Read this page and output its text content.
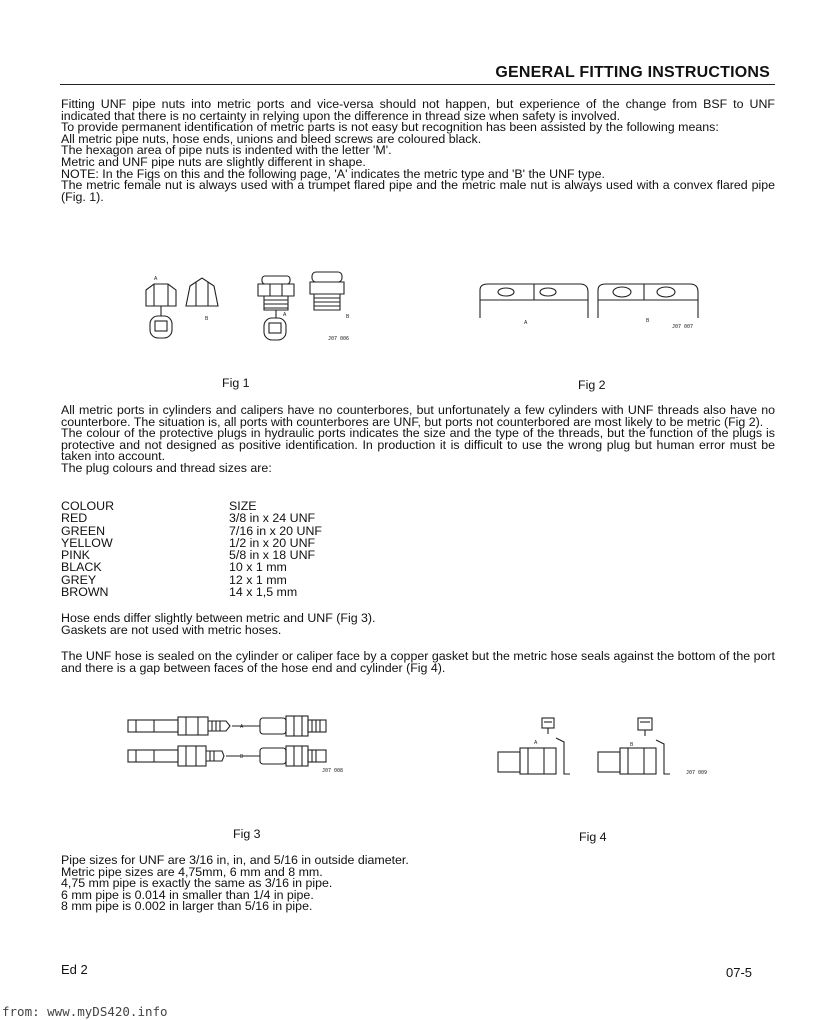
GENERAL FITTING INSTRUCTIONS

Fitting UNF pipe nuts into metric ports and vice-versa should not happen, but experience of the change from BSF to UNF indicated that there is no certainty in relying upon the difference in thread size when safety is involved.

To provide permanent identification of metric parts is not easy but recognition has been assisted by the following means:

All metric pipe nuts, hose ends, unions and bleed screws are coloured black.

The hexagon area of pipe nuts is indented with the letter 'M'.

Metric and UNF pipe nuts are slightly different in shape.

NOTE: In the Figs on this and the following page, 'A' indicates the metric type and 'B' the UNF type.

The metric female nut is always used with a trumpet flared pipe and the metric male nut is always used with a convex flared pipe (Fig. 1).

A
B
A	B
J07 006
A	B
J07 007
Fig 1	Fig 2

All metric ports in cylinders and calipers have no counterbores, but unfortunately a few cylinders with UNF threads also have no counterbore. The situation is, all ports with counterbores are UNF, but ports not counterbored are most likely to be metric (Fig 2).

The colour of the protective plugs in hydraulic ports indicates the size and the type of the threads, but the function of the plugs is protective and not designed as positive identification. In production it is difficult to use the wrong plug but human error must be taken into account.

The plug colours and thread sizes are:

COLOUR	SIZE
RED	3/8 in x 24 UNF
GREEN	7/16 in x 20 UNF
YELLOW	1/2 in x 20 UNF
PINK	5/8 in x 18 UNF
BLACK	10 x 1 mm
GREY	12 x 1 mm
BROWN	14 x 1,5 mm

Hose ends differ slightly between metric and UNF (Fig 3).

Gaskets are not used with metric hoses.

The UNF hose is sealed on the cylinder or caliper face by a copper gasket but the metric hose seals against the bottom of the port and there is a gap between faces of the hose end and cylinder (Fig 4).
A
B
J07 008
A	B
J07 009
Fig 3	Fig 4

Pipe sizes for UNF are 3/16 in, in, and 5/16 in outside diameter.

Metric pipe sizes are 4,75mm, 6 mm and 8 mm.

4,75 mm pipe is exactly the same as 3/16 in pipe.

6 mm pipe is 0.014 in smaller than 1/4 in pipe.

8 mm pipe is 0.002 in larger than 5/16 in pipe.

Ed 2	07-5
from: www.myDS420.info
